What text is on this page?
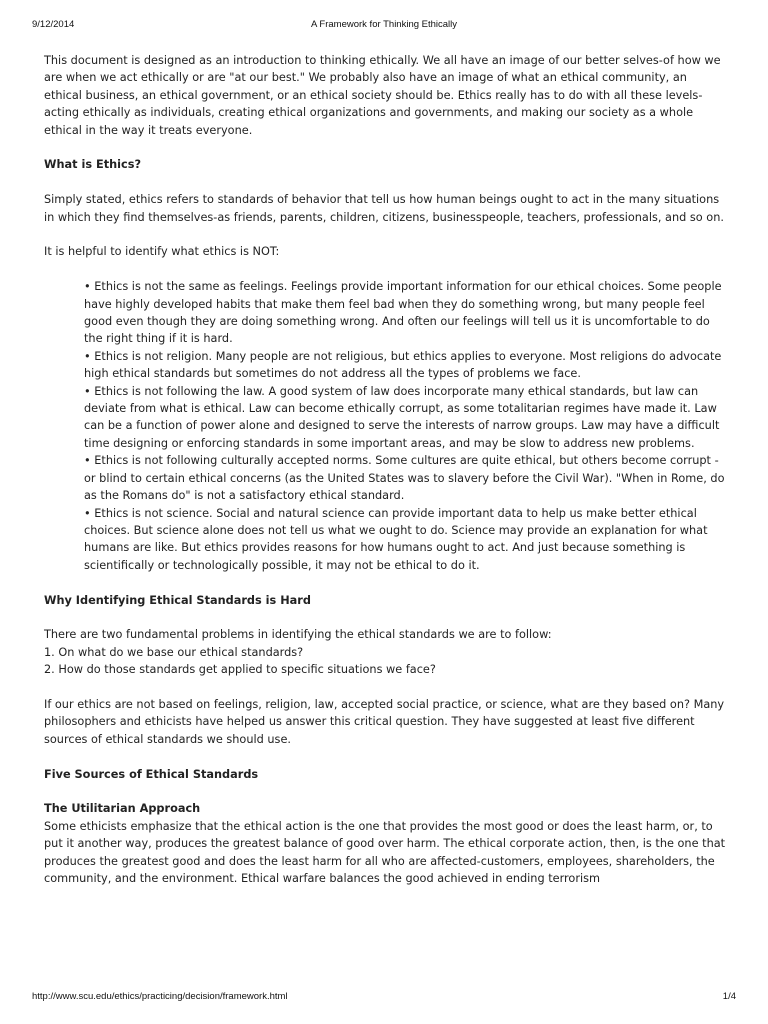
9/12/2014	A Framework for Thinking Ethically

This document is designed as an introduction to thinking ethically. We all have an image of our better selves-of how we are when we act ethically or are "at our best." We probably also have an image of what an ethical community, an ethical business, an ethical government, or an ethical society should be. Ethics really has to do with all these levels-acting ethically as individuals, creating ethical organizations and governments, and making our society as a whole ethical in the way it treats everyone.

What is Ethics?

Simply stated, ethics refers to standards of behavior that tell us how human beings ought to act in the many situations in which they find themselves-as friends, parents, children, citizens, businesspeople, teachers, professionals, and so on.

It is helpful to identify what ethics is NOT:

• Ethics is not the same as feelings. Feelings provide important information for our ethical choices. Some people have highly developed habits that make them feel bad when they do something wrong, but many people feel good even though they are doing something wrong. And often our feelings will tell us it is uncomfortable to do the right thing if it is hard.

• Ethics is not religion. Many people are not religious, but ethics applies to everyone. Most religions do advocate high ethical standards but sometimes do not address all the types of problems we face.

• Ethics is not following the law. A good system of law does incorporate many ethical standards, but law can deviate from what is ethical. Law can become ethically corrupt, as some totalitarian regimes have made it. Law can be a function of power alone and designed to serve the interests of narrow groups. Law may have a difficult time designing or enforcing standards in some important areas, and may be slow to address new problems.

• Ethics is not following culturally accepted norms. Some cultures are quite ethical, but others become corrupt -or blind to certain ethical concerns (as the United States was to slavery before the Civil War). "When in Rome, do as the Romans do" is not a satisfactory ethical standard.

• Ethics is not science. Social and natural science can provide important data to help us make better ethical choices. But science alone does not tell us what we ought to do. Science may provide an explanation for what humans are like. But ethics provides reasons for how humans ought to act. And just because something is scientifically or technologically possible, it may not be ethical to do it.

Why Identifying Ethical Standards is Hard

There are two fundamental problems in identifying the ethical standards we are to follow:

1. On what do we base our ethical standards?

2. How do those standards get applied to specific situations we face?

If our ethics are not based on feelings, religion, law, accepted social practice, or science, what are they based on? Many philosophers and ethicists have helped us answer this critical question. They have suggested at least five different sources of ethical standards we should use.

Five Sources of Ethical Standards

The Utilitarian Approach

Some ethicists emphasize that the ethical action is the one that provides the most good or does the least harm, or, to put it another way, produces the greatest balance of good over harm. The ethical corporate action, then, is the one that produces the greatest good and does the least harm for all who are affected-customers, employees, shareholders, the community, and the environment. Ethical warfare balances the good achieved in ending terrorism

http://www.scu.edu/ethics/practicing/decision/framework.html	1/4
